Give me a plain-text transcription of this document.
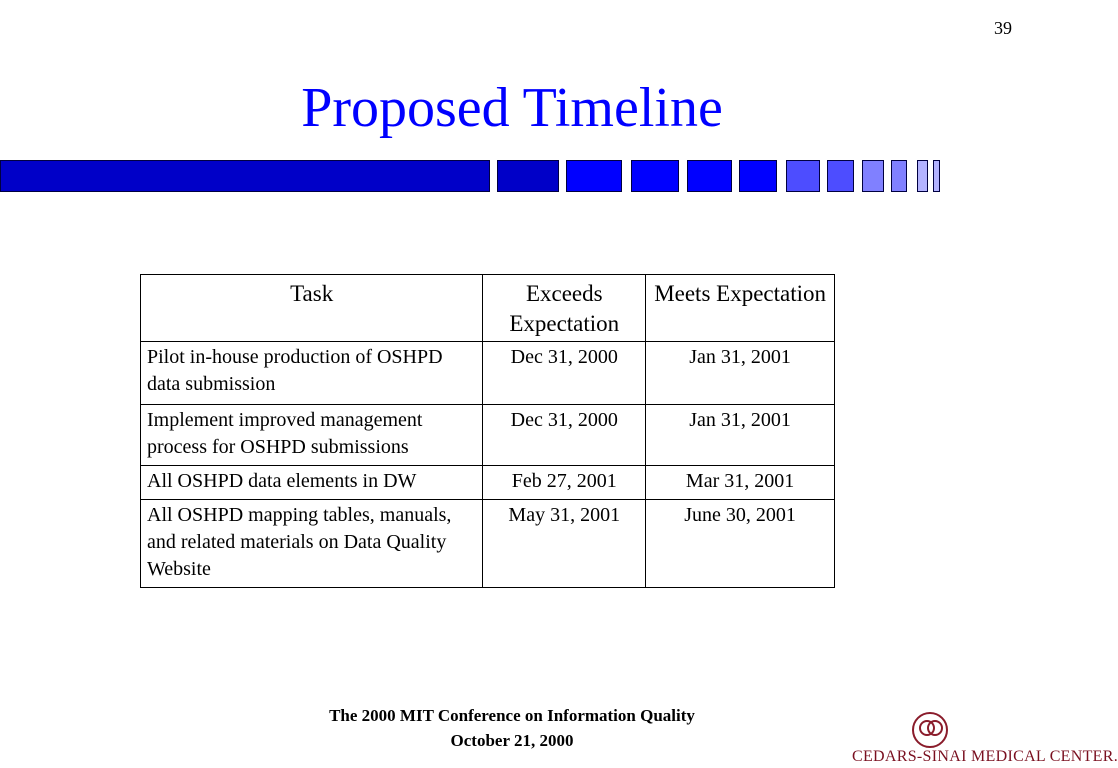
39
Proposed Timeline
Task	Exceeds Expectation	Meets Expectation
Pilot in-house production of OSHPD data submission	Dec 31, 2000	Jan 31, 2001
Implement improved management process for OSHPD submissions	Dec 31, 2000	Jan 31, 2001
All OSHPD data elements in DW	Feb 27, 2001	Mar 31, 2001
All OSHPD mapping tables, manuals, and related materials on Data Quality Website	May 31, 2001	June 30, 2001
The 2000 MIT Conference on Information Quality
October 21, 2000
CEDARS-SINAI MEDICAL CENTER.
